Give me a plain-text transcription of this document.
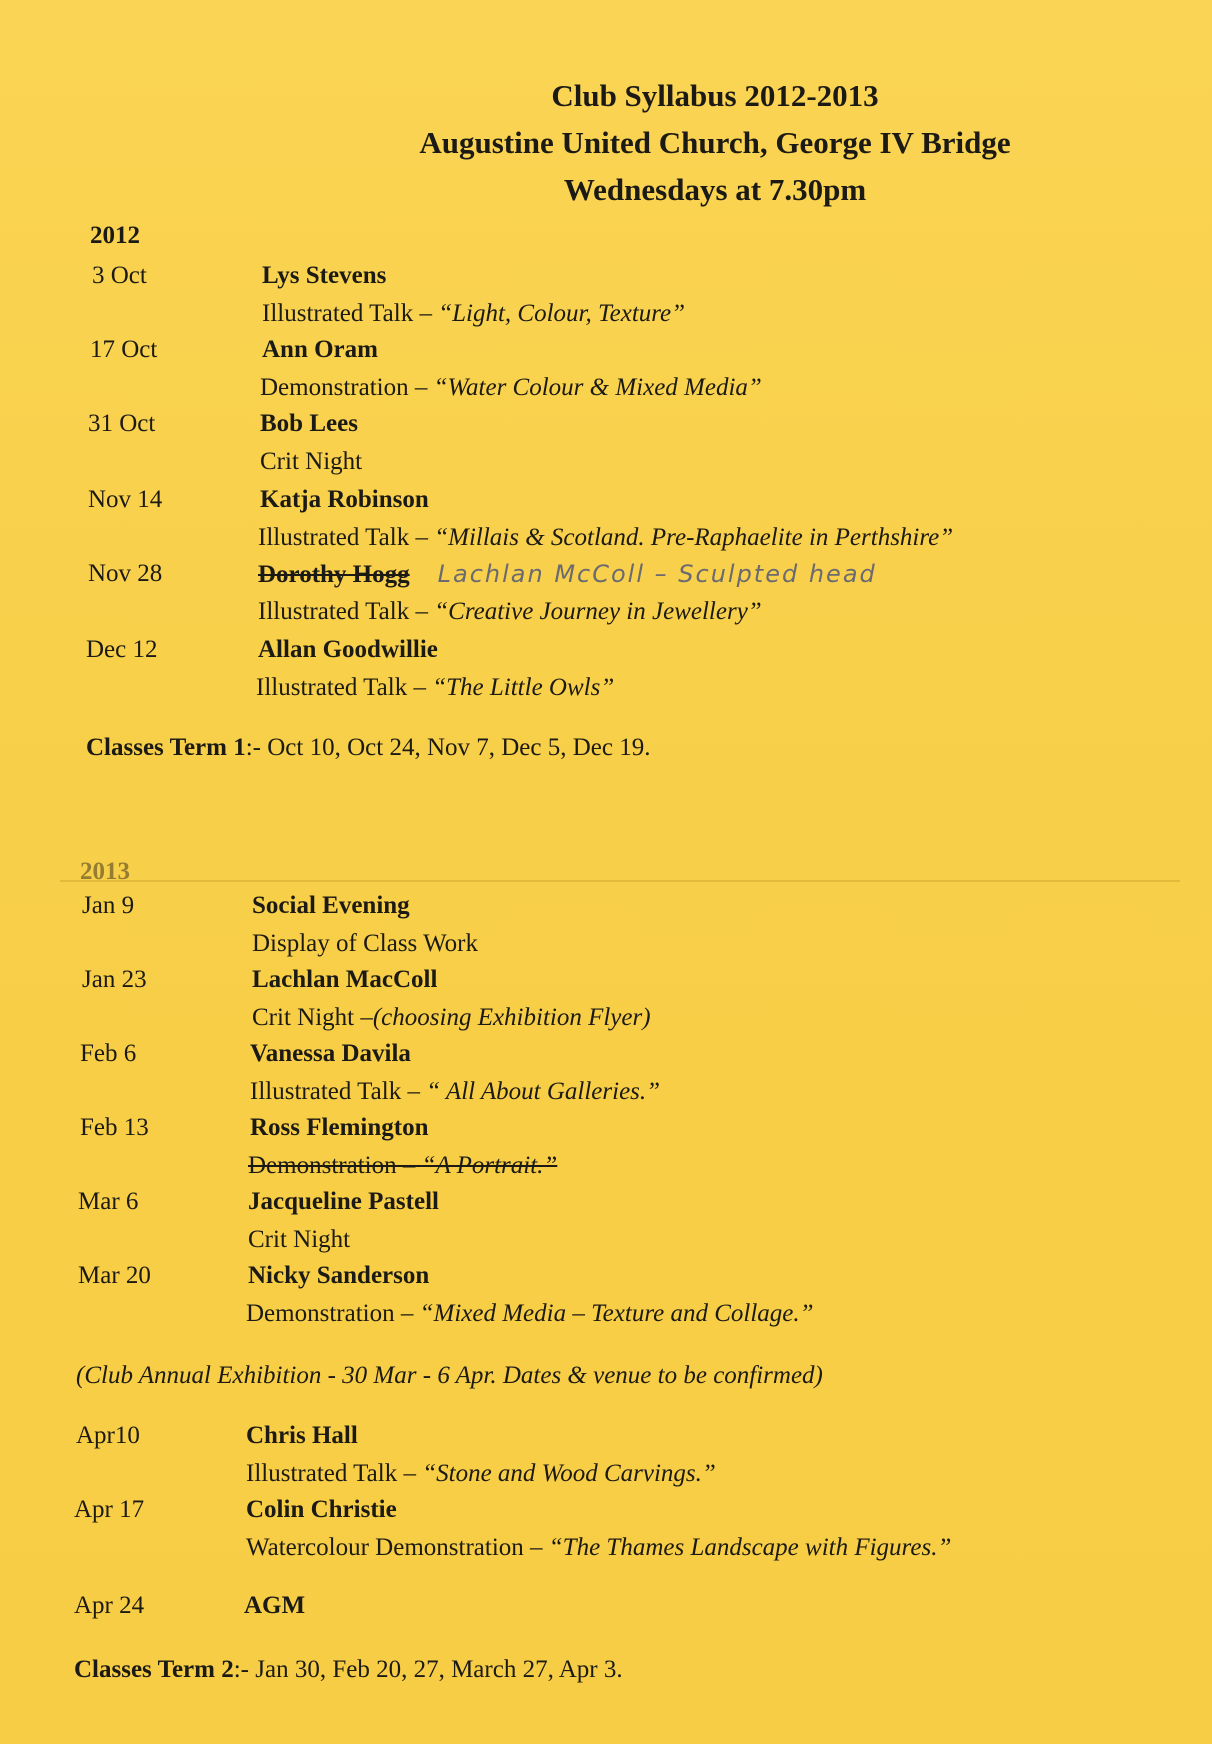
Club Syllabus 2012-2013
Augustine United Church, George IV Bridge
Wednesdays at 7.30pm
2012
3 Oct	Lys Stevens
Illustrated Talk – “Light, Colour, Texture”
17 Oct	Ann Oram
Demonstration – “Water Colour & Mixed Media”
31 Oct	Bob Lees
Crit Night
Nov 14	Katja Robinson
Illustrated Talk – “Millais & Scotland. Pre-Raphaelite in Perthshire”
Nov 28	Dorothy Hogg Lachlan McColl – Sculpted head
Illustrated Talk – “Creative Journey in Jewellery”
Dec 12	Allan Goodwillie
Illustrated Talk – “The Little Owls”
Classes Term 1:- Oct 10, Oct 24, Nov 7, Dec 5, Dec 19.
2013
Jan 9	Social Evening
Display of Class Work
Jan 23	Lachlan MacColl
Crit Night –(choosing Exhibition Flyer)
Feb 6	Vanessa Davila
Illustrated Talk – “ All About Galleries.”
Feb 13	Ross Flemington
Demonstration – “A Portrait.”
Mar 6	Jacqueline Pastell
Crit Night
Mar 20	Nicky Sanderson
Demonstration – “Mixed Media – Texture and Collage.”
(Club Annual Exhibition - 30 Mar - 6 Apr. Dates & venue to be confirmed)
Apr10	Chris Hall
Illustrated Talk – “Stone and Wood Carvings.”
Apr 17	Colin Christie
Watercolour Demonstration – “The Thames Landscape with Figures.”
Apr 24	AGM
Classes Term 2:- Jan 30, Feb 20, 27, March 27, Apr 3.
